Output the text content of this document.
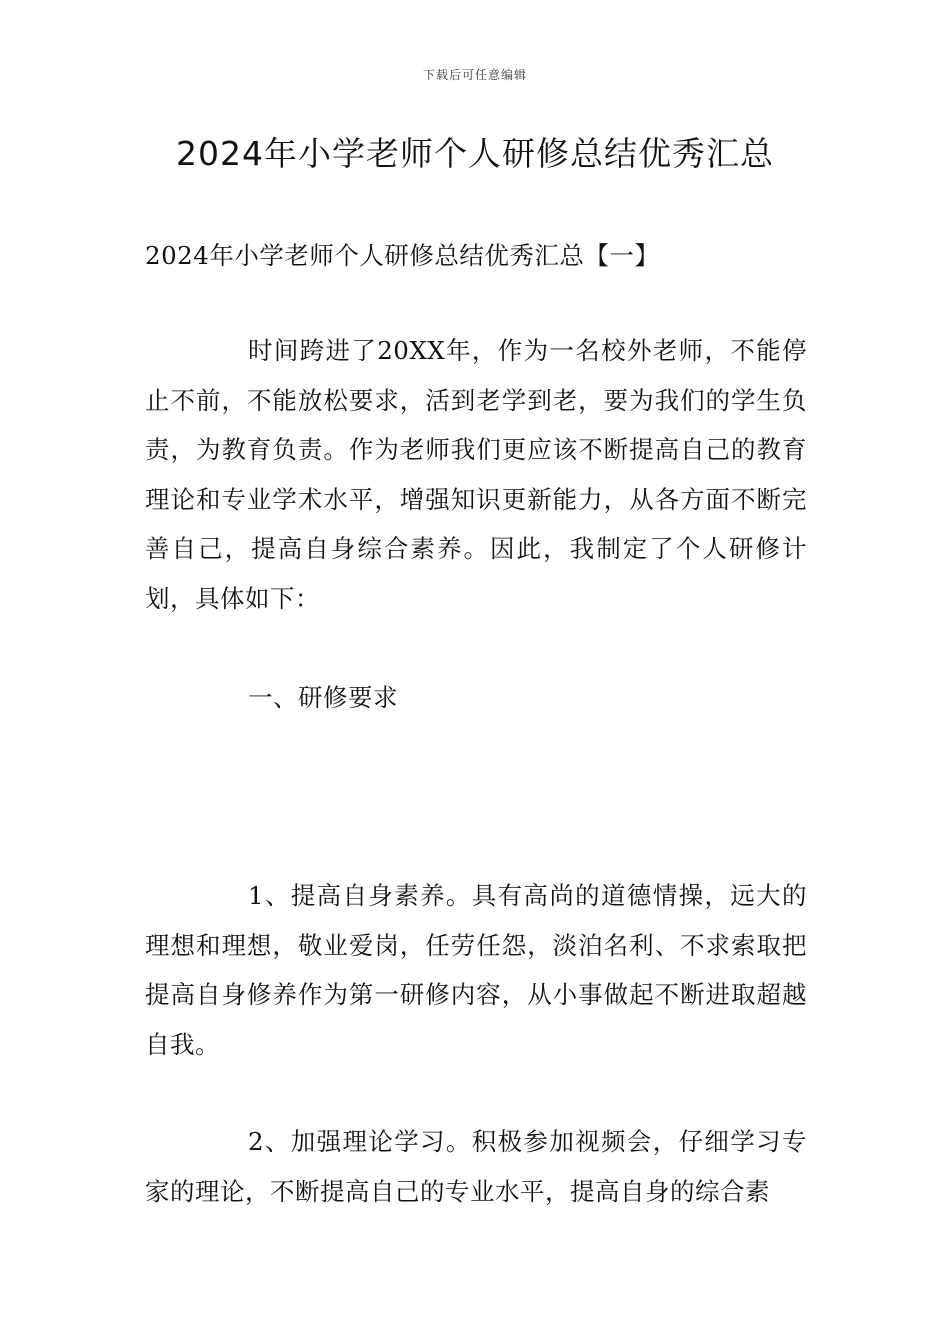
下载后可任意编辑
2024年小学老师个人研修总结优秀汇总

2024年小学老师个人研修总结优秀汇总【一】

时间跨进了20XX年，作为一名校外老师，不能停止不前，不能放松要求，活到老学到老，要为我们的学生负责，为教育负责。作为老师我们更应该不断提高自己的教育理论和专业学术水平，增强知识更新能力，从各方面不断完善自己，提高自身综合素养。因此，我制定了个人研修计划，具体如下：

一、研修要求

1、提高自身素养。具有高尚的道德情操，远大的理想和理想，敬业爱岗，任劳任怨，淡泊名利、不求索取把提高自身修养作为第一研修内容，从小事做起不断进取超越自我。

2、加强理论学习。积极参加视频会，仔细学习专家的理论，不断提高自己的专业水平，提高自身的综合素
